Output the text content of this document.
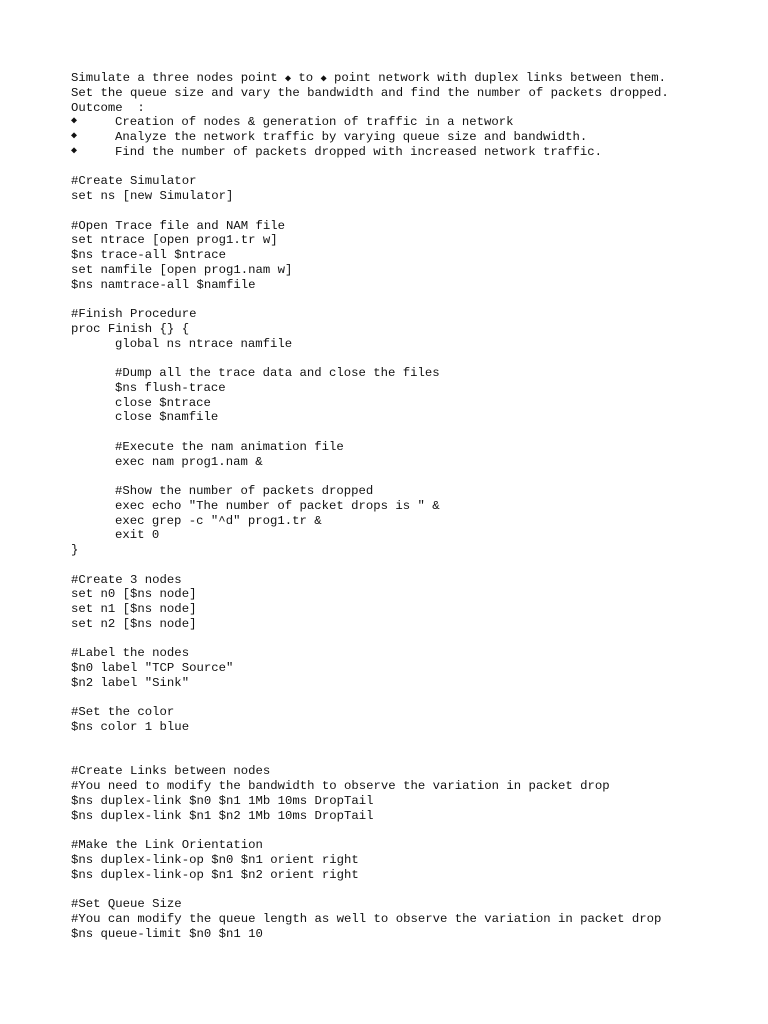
Simulate a three nodes point ◆ to ◆ point network with duplex links between them.
Set the queue size and vary the bandwidth and find the number of packets dropped.
Outcome  :
◆	Creation of nodes & generation of traffic in a network
◆	Analyze the network traffic by varying queue size and bandwidth.
◆	Find the number of packets dropped with increased network traffic.
#Create Simulator
set ns [new Simulator]
#Open Trace file and NAM file
set ntrace [open prog1.tr w]
$ns trace-all $ntrace
set namfile [open prog1.nam w]
$ns namtrace-all $namfile
#Finish Procedure
proc Finish {} {
global ns ntrace namfile
#Dump all the trace data and close the files
$ns flush-trace
close $ntrace
close $namfile
#Execute the nam animation file
exec nam prog1.nam &
#Show the number of packets dropped
exec echo "The number of packet drops is " &
exec grep -c "^d" prog1.tr &
exit 0
}
#Create 3 nodes
set n0 [$ns node]
set n1 [$ns node]
set n2 [$ns node]
#Label the nodes
$n0 label "TCP Source"
$n2 label "Sink"
#Set the color
$ns color 1 blue
#Create Links between nodes
#You need to modify the bandwidth to observe the variation in packet drop
$ns duplex-link $n0 $n1 1Mb 10ms DropTail
$ns duplex-link $n1 $n2 1Mb 10ms DropTail
#Make the Link Orientation
$ns duplex-link-op $n0 $n1 orient right
$ns duplex-link-op $n1 $n2 orient right
#Set Queue Size
#You can modify the queue length as well to observe the variation in packet drop
$ns queue-limit $n0 $n1 10
